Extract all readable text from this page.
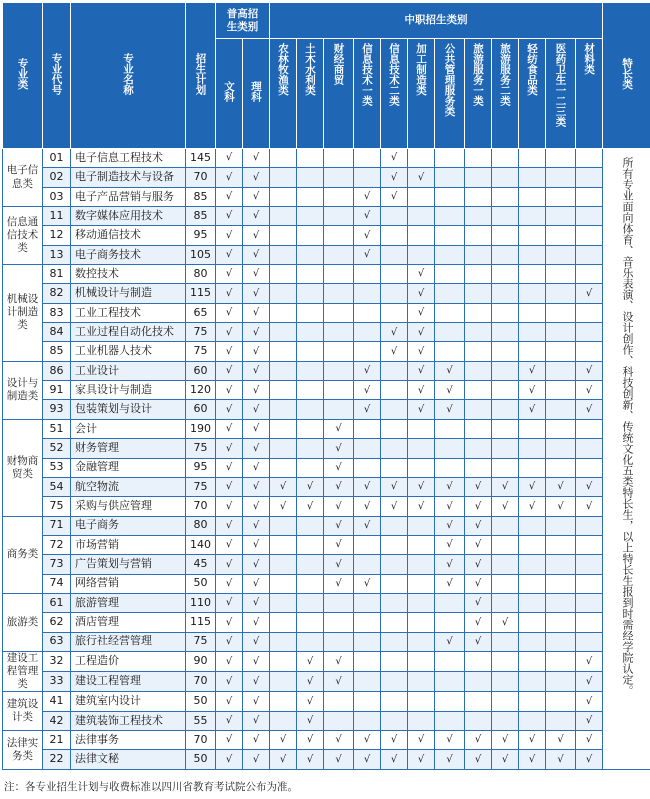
专业类	专业代号	专业名称	招生计划	普高招生类别		中职招生类别												特长类
				文科	理科	农林牧渔类	土木水利类	财经商贸	信息技术一类	信息技术二类	加工制造类	公共管理服务类	旅游服务一类	旅游服务二类	轻纺食品类	医药卫生一二三类	材料类	
电子信息类	01	电子信息工程技术	145	√	√					√								所有专业面向体育、音乐表演、设计创作、科技创新、传统文化五类特长生，以上特长生报到时需经学院认定。
	02	电子制造技术与设备	70	√	√					√	√							
	03	电子产品营销与服务	85	√	√				√	√								
信息通信技术类	11	数字媒体应用技术	85	√	√				√									
	12	移动通信技术	95	√	√				√									
	13	电子商务技术	105	√	√				√									
机械设计制造类	81	数控技术	80	√	√						√							
	82	机械设计与制造	115	√	√						√						√	
	83	工业工程技术	65	√	√						√							
	84	工业过程自动化技术	75	√	√					√	√							
	85	工业机器人技术	75	√	√					√	√							
设计与制造类	86	工业设计	60	√	√				√		√	√			√		√	
	91	家具设计与制造	120	√	√				√		√	√			√		√	
	93	包装策划与设计	60	√	√				√		√	√			√		√	
财物商贸类	51	会计	190	√	√			√										
	52	财务管理	75	√	√			√										
	53	金融管理	95	√	√			√										
	54	航空物流	75	√	√	√	√	√	√	√	√	√	√	√	√	√	√	
	75	采购与供应管理	70	√	√	√	√	√	√	√	√	√	√	√	√	√	√	
商务类	71	电子商务	80	√	√			√	√			√	√					
	72	市场营销	140	√	√			√				√	√					
	73	广告策划与营销	45	√	√			√				√	√					
	74	网络营销	50	√	√			√	√			√	√					
旅游类	61	旅游管理	110	√	√								√					
	62	酒店管理	115	√	√								√	√				
	63	旅行社经营管理	75	√	√							√	√					
建设工程管理类	32	工程造价	90	√	√		√	√									√	
	33	建设工程管理	70	√	√		√	√									√	
建筑设计类	41	建筑室内设计	50	√	√		√										√	
	42	建筑装饰工程技术	55	√	√		√										√	
法律实务类	21	法律事务	70	√	√	√	√	√	√	√	√	√	√	√	√	√	√	
	22	法律文秘	50	√	√	√	√	√	√	√	√	√	√	√	√	√	√	
注：各专业招生计划与收费标准以四川省教育考试院公布为准。
